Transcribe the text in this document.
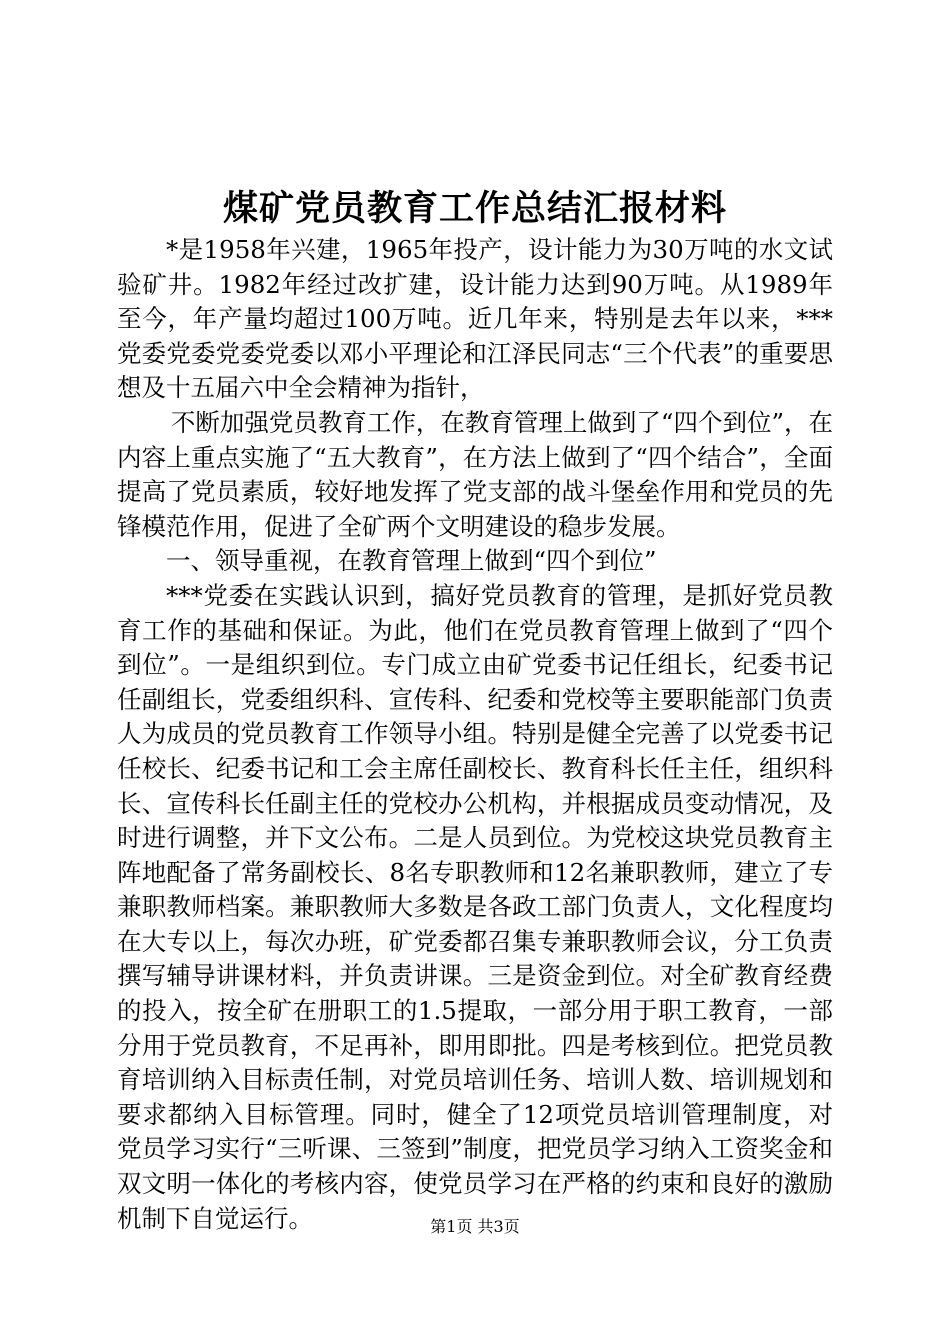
煤矿党员教育工作总结汇报材料

*是1958年兴建，1965年投产，设计能力为30万吨的水文试验矿井。1982年经过改扩建，设计能力达到90万吨。从1989年至今，年产量均超过100万吨。近几年来，特别是去年以来，***党委党委党委党委以邓小平理论和江泽民同志“三个代表”的重要思想及十五届六中全会精神为指针，

不断加强党员教育工作，在教育管理上做到了“四个到位”，在内容上重点实施了“五大教育”，在方法上做到了“四个结合”，全面提高了党员素质，较好地发挥了党支部的战斗堡垒作用和党员的先锋模范作用，促进了全矿两个文明建设的稳步发展。

一、领导重视，在教育管理上做到“四个到位”

***党委在实践认识到，搞好党员教育的管理，是抓好党员教育工作的基础和保证。为此，他们在党员教育管理上做到了“四个到位”。一是组织到位。专门成立由矿党委书记任组长，纪委书记任副组长，党委组织科、宣传科、纪委和党校等主要职能部门负责人为成员的党员教育工作领导小组。特别是健全完善了以党委书记任校长、纪委书记和工会主席任副校长、教育科长任主任，组织科长、宣传科长任副主任的党校办公机构，并根据成员变动情况，及时进行调整，并下文公布。二是人员到位。为党校这块党员教育主阵地配备了常务副校长、8名专职教师和12名兼职教师，建立了专兼职教师档案。兼职教师大多数是各政工部门负责人，文化程度均在大专以上，每次办班，矿党委都召集专兼职教师会议，分工负责撰写辅导讲课材料，并负责讲课。三是资金到位。对全矿教育经费的投入，按全矿在册职工的1.5提取，一部分用于职工教育，一部分用于党员教育，不足再补，即用即批。四是考核到位。把党员教育培训纳入目标责任制，对党员培训任务、培训人数、培训规划和要求都纳入目标管理。同时，健全了12项党员培训管理制度，对党员学习实行“三听课、三签到”制度，把党员学习纳入工资奖金和双文明一体化的考核内容，使党员学习在严格的约束和良好的激励机制下自觉运行。	第1页 共3页
